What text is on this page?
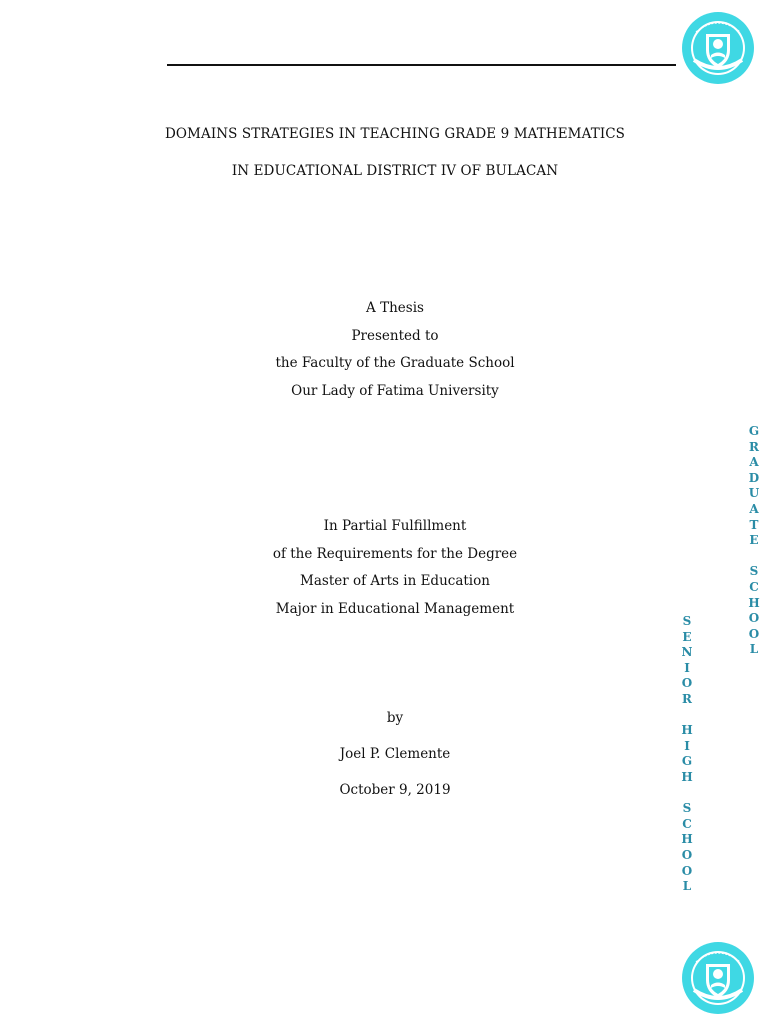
DOMAINS STRATEGIES IN TEACHING GRADE 9 MATHEMATICS
IN EDUCATIONAL DISTRICT IV OF BULACAN
A Thesis
Presented to
the Faculty of the Graduate School
Our Lady of Fatima University
In Partial Fulfillment
of the Requirements for the Degree
Master of Arts in Education
Major in Educational Management
by
Joel P. Clemente
October 9, 2019
G
R
A
D
U
A
T
E

S
C
H
O
O
L
S
E
N
I
O
R

H
I
G
H

S
C
H
O
O
L
